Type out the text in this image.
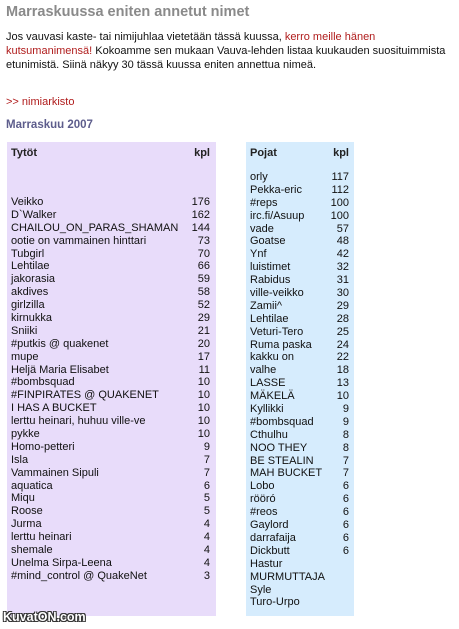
Marraskuussa eniten annetut nimet
Jos vauvasi kaste- tai nimijuhlaa vietetään tässä kuussa, kerro meille hänen kutsumanimensä! Kokoamme sen mukaan Vauva-lehden listaa kuukauden suosituimmista etunimistä. Siinä näkyy 30 tässä kuussa eniten annettua nimeä.
>> nimiarkisto
Marraskuu 2007
Tytöt	kpl
Veikko	176
D`Walker	162
CHAILOU_ON_PARAS_SHAMAN 144
ootie on vammainen hinttari	73
Tubgirl	70
Lehtilae	66
jakorasia	59
akdives	58
girlzilla	52
kirnukka	29
Sniiki	21
#putkis @ quakenet	20
mupe	17
Heljä Maria Elisabet	11
#bombsquad	10
#FINPIRATES @ QUAKENET	10
I HAS A BUCKET	10
lerttu heinari, huhuu ville-ve	10
pykke	10
Homo-petteri	9
Isla	7
Vammainen Sipuli	7
aquatica	6
Miqu	5
Roose	5
Jurma	4
lerttu heinari	4
shemale	4
Unelma Sirpa-Leena	4
#mind_control @ QuakeNet	3
Pojat	kpl
orly	117
Pekka-eric	112
#reps	100
irc.fi/Asuup 100
vade	57
Goatse	48
Ynf	42
luistimet	32
Rabidus	31
ville-veikko	30
Zamii^	29
Lehtilae	28
Veturi-Tero	25
Ruma paska 24
kakku on	22
valhe	18
LASSE	13
MÄKELÄ	10
Kyllikki	9
#bombsquad	9
Cthulhu	8
NOO THEY	8
BE STEALIN	7
MAH BUCKET 7
Lobo	6
rööró	6
#reos	6
Gaylord	6
darrafaija	6
Dickbutt	6
Hastur
MURMUTTAJA
Syle
Turo-Urpo
KuvatON.com
